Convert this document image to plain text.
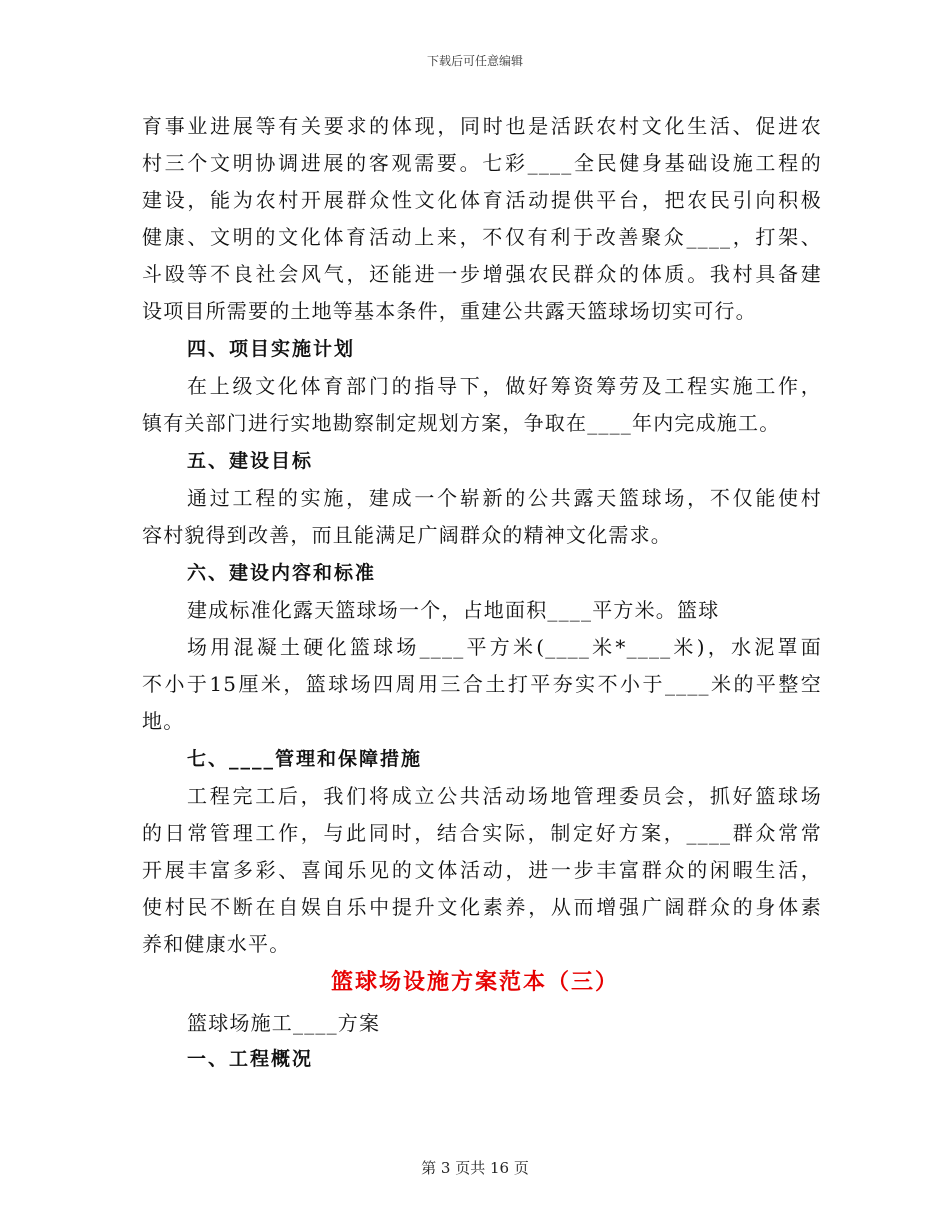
下载后可任意编辑
育事业进展等有关要求的体现，同时也是活跃农村文化生活、促进农
村三个文明协调进展的客观需要。七彩____全民健身基础设施工程的
建设，能为农村开展群众性文化体育活动提供平台，把农民引向积极
健康、文明的文化体育活动上来，不仅有利于改善聚众____，打架、
斗殴等不良社会风气，还能进一步增强农民群众的体质。我村具备建
设项目所需要的土地等基本条件，重建公共露天篮球场切实可行。
四、项目实施计划
在上级文化体育部门的指导下，做好筹资筹劳及工程实施工作，
镇有关部门进行实地勘察制定规划方案，争取在____年内完成施工。
五、建设目标
通过工程的实施，建成一个崭新的公共露天篮球场，不仅能使村
容村貌得到改善，而且能满足广阔群众的精神文化需求。
六、建设内容和标准
建成标准化露天篮球场一个，占地面积____平方米。篮球
场用混凝土硬化篮球场____平方米(____米*____米)，水泥罩面
不小于15厘米，篮球场四周用三合土打平夯实不小于____米的平整空
地。
七、____管理和保障措施
工程完工后，我们将成立公共活动场地管理委员会，抓好篮球场
的日常管理工作，与此同时，结合实际，制定好方案，____群众常常
开展丰富多彩、喜闻乐见的文体活动，进一步丰富群众的闲暇生活，
使村民不断在自娱自乐中提升文化素养，从而增强广阔群众的身体素
养和健康水平。
篮球场设施方案范本（三）
篮球场施工____方案
一、工程概况
第 3 页共 16 页
